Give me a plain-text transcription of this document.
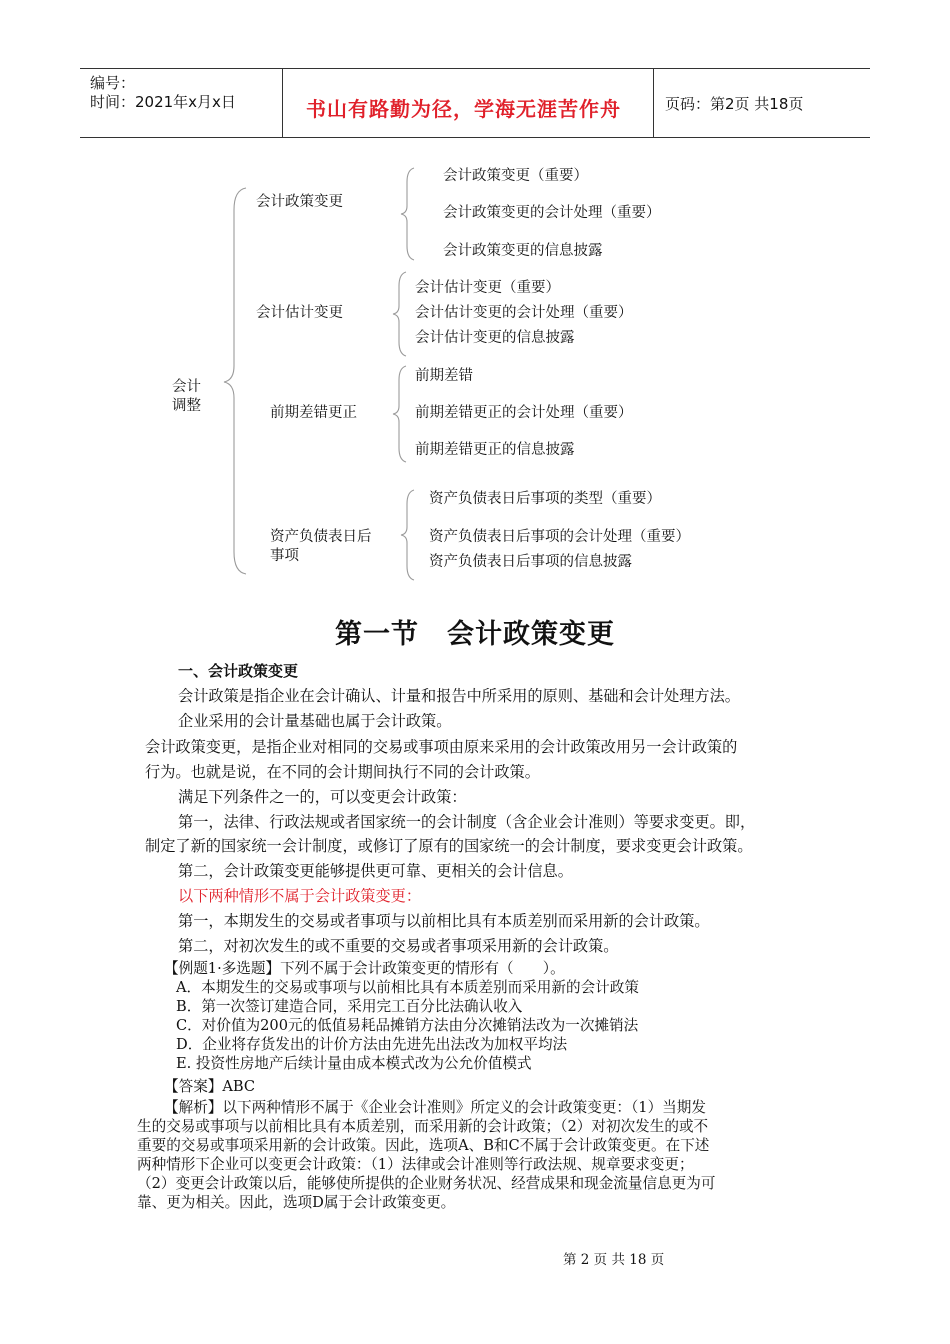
编号：
时间：2021年x月x日	书山有路勤为径，学海无涯苦作舟	页码：第2页 共18页
会计
调整
会计政策变更
会计政策变更（重要）
会计政策变更的会计处理（重要）
会计政策变更的信息披露
会计估计变更
会计估计变更（重要）
会计估计变更的会计处理（重要）
会计估计变更的信息披露
前期差错更正
前期差错
前期差错更正的会计处理（重要）
前期差错更正的信息披露
资产负债表日后
事项
资产负债表日后事项的类型（重要）
资产负债表日后事项的会计处理（重要）
资产负债表日后事项的信息披露
第一节　会计政策变更
一、会计政策变更
会计政策是指企业在会计确认、计量和报告中所采用的原则、基础和会计处理方法。
企业采用的会计量基础也属于会计政策。
会计政策变更，是指企业对相同的交易或事项由原来采用的会计政策改用另一会计政策的
行为。也就是说，在不同的会计期间执行不同的会计政策。
满足下列条件之一的，可以变更会计政策：
第一，法律、行政法规或者国家统一的会计制度（含企业会计准则）等要求变更。即，
制定了新的国家统一会计制度，或修订了原有的国家统一的会计制度，要求变更会计政策。
第二，会计政策变更能够提供更可靠、更相关的会计信息。
以下两种情形不属于会计政策变更：
第一，本期发生的交易或者事项与以前相比具有本质差别而采用新的会计政策。
第二，对初次发生的或不重要的交易或者事项采用新的会计政策。
【例题1·多选题】下列不属于会计政策变更的情形有（　　）。
A．本期发生的交易或事项与以前相比具有本质差别而采用新的会计政策
B．第一次签订建造合同，采用完工百分比法确认收入
C．对价值为200元的低值易耗品摊销方法由分次摊销法改为一次摊销法
D．企业将存货发出的计价方法由先进先出法改为加权平均法
E. 投资性房地产后续计量由成本模式改为公允价值模式
【答案】ABC
【解析】以下两种情形不属于《企业会计准则》所定义的会计政策变更：（1）当期发
生的交易或事项与以前相比具有本质差别，而采用新的会计政策；（2）对初次发生的或不
重要的交易或事项采用新的会计政策。因此，选项A、B和C不属于会计政策变更。在下述
两种情形下企业可以变更会计政策：（1）法律或会计准则等行政法规、规章要求变更；
（2）变更会计政策以后，能够使所提供的企业财务状况、经营成果和现金流量信息更为可
靠、更为相关。因此，选项D属于会计政策变更。
第 2 页 共 18 页
